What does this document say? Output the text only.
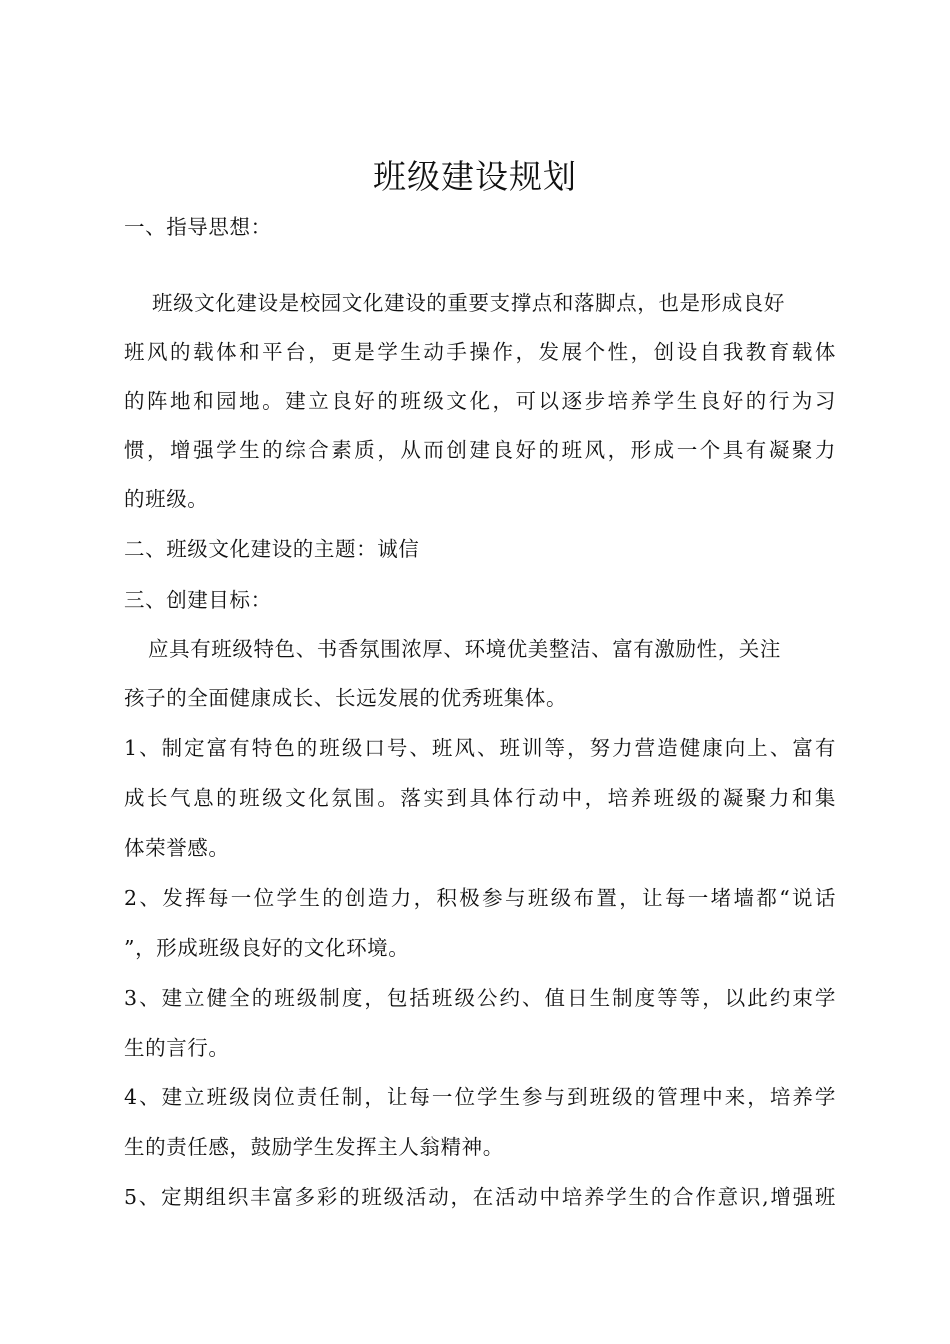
班级建设规划
一、指导思想：
班级文化建设是校园文化建设的重要支撑点和落脚点，也是形成良好
班风的载体和平台，更是学生动手操作，发展个性，创设自我教育载体
的阵地和园地。建立良好的班级文化，可以逐步培养学生良好的行为习
惯，增强学生的综合素质，从而创建良好的班风，形成一个具有凝聚力
的班级。
二、班级文化建设的主题：诚信
三、创建目标：
应具有班级特色、书香氛围浓厚、环境优美整洁、富有激励性，关注
孩子的全面健康成长、长远发展的优秀班集体。
1、制定富有特色的班级口号、班风、班训等，努力营造健康向上、富有
成长气息的班级文化氛围。落实到具体行动中，培养班级的凝聚力和集
体荣誉感。
2、发挥每一位学生的创造力，积极参与班级布置，让每一堵墙都“说话
”，形成班级良好的文化环境。
3、建立健全的班级制度，包括班级公约、值日生制度等等，以此约束学
生的言行。
4、建立班级岗位责任制，让每一位学生参与到班级的管理中来，培养学
生的责任感，鼓励学生发挥主人翁精神。
5、定期组织丰富多彩的班级活动，在活动中培养学生的合作意识,增强班
